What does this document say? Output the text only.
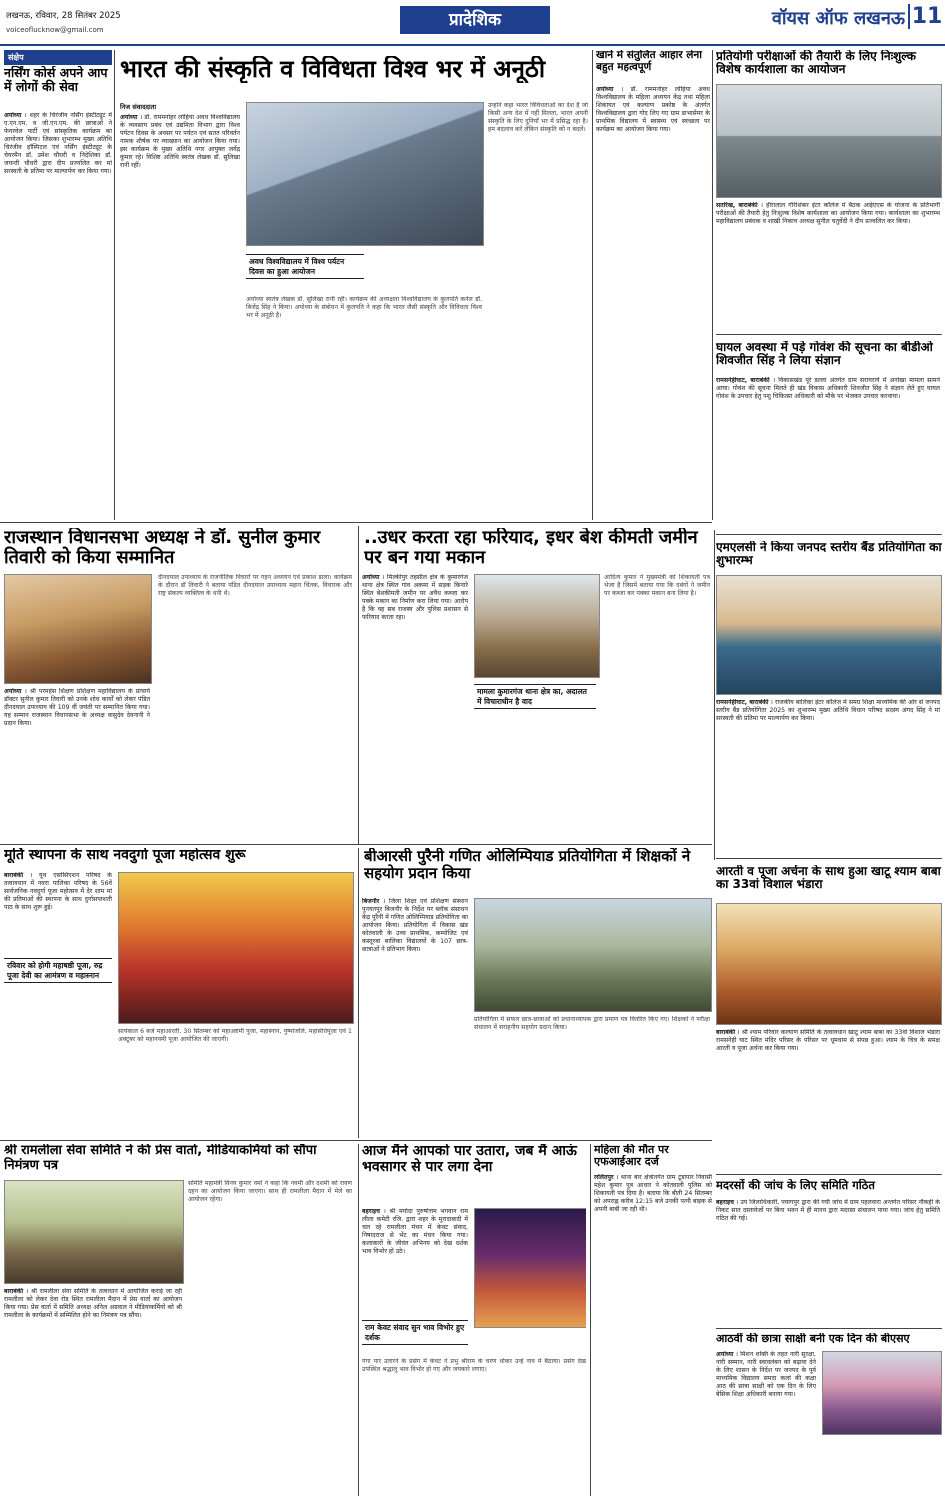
लखनऊ, रविवार, 28 सितंबर 2025
voiceoflucknow@gmail.com	प्रादेशिक	वॉयस ऑफ लखनऊ 11
संक्षेप
नर्सिंग कोर्स अपने आप में लोगों की सेवा
अयोध्या । शहर के चिरंजीव नर्सिंग इंस्टीट्यूट में ए.एन.एम. व जी.एन.एम. की छात्राओं ने फेयरवेल पार्टी एवं सांस्कृतिक कार्यक्रम का आयोजन किया। जिसका शुभारम्भ मुख्य अतिथि चिरंजीव हॉस्पिटल एवं नर्सिंग इंस्टीट्यूट के चेयरमैन डॉ. उमेश चौधरी व निदेशिका डॉ. जयन्ती चौधरी द्वारा दीप प्रज्वलित कर मां सरस्वती के प्रतिमा पर माल्यार्पण कर किया गया।
भारत की संस्कृति व विविधता विश्व भर में अनूठी
निज संवाददाता
अयोध्या । डॉ. राममनोहर लोहिया अवध विश्वविद्यालय के व्यवसाय प्रबंध एवं उद्यमिता विभाग द्वारा विश्व पर्यटन दिवस के अवसर पर पर्यटन एवं सतत परिवर्तन नामक शीर्षक पर व्याख्यान का आयोजन किया गया। इस कार्यक्रम के मुख्य अतिथि नगर आयुक्त जयेंद्र कुमार रहे। विशिष्ट अतिथि स्वतंत्र लेखक डॉ. सुलिखा रानी रहीं।
अवध विश्वविद्यालय में विश्व पर्यटन दिवस का हुआ आयोजन
अयोध्या स्वतंत्र लेखक डॉ. सुलिखा रानी रहीं। कार्यक्रम की अध्यक्षता विश्वविद्यालय के कुलपति कर्नल डॉ. बिजेंद्र सिंह ने किया। अयोध्या के संबोधन में कुलपति ने कहा कि भारत जैसी संस्कृति और विविधता विश्व भर में अनूठी है।
उन्होंने कहा भारत विविधताओं का देश है जो किसी अन्य देश में नहीं मिलता, भारत अपनी संस्कृति के लिए दुनियाँ भर में प्रसिद्ध रहा है। हम बदलाव करें लेकिन संस्कृति को न बदलें।
खाने में संतुलित आहार लेना बहुत महत्वपूर्ण
अयोध्या । डॉ. राममनोहर लोहिया अवध विश्वविद्यालय के महिला अध्ययन केंद्र तथा महिला शिकायत एवं कल्याण प्रकोष्ठ के अंतर्गत विश्वविद्यालय द्वारा गोद लिए गए ग्राम डाभासेमर के प्राथमिक विद्यालय में स्वास्थ्य एवं स्वच्छता पर कार्यक्रम का आयोजन किया गया।
प्रतियोगी परीक्षाओं की तैयारी के लिए निःशुल्क विशेष कार्यशाला का आयोजन
सतरिख, बाराबंकी । हीरालाल गौरीशंकर इंटर कॉलेज में बैठक आईएएस के योजना के प्रतिभागी परीक्षाओं की तैयारी हेतु निःशुल्क विशेष कार्यशाला का आयोजन किया गया। कार्यशाला का शुभारम्भ महाविद्यालय प्रबंधक व शाखी निकाय अध्यक्ष सुनील चतुर्वेदी ने दीप प्रज्वलित कर किया।
घायल अवस्था में पड़े गोवंश की सूचना का बीडीओ शिवजीत सिंह ने लिया संज्ञान
रामसनेहीघाट, बाराबंकी । विकासखंड पूरे डल्ला अंतर्गत ग्राम सरायरायें में अनोखा मामला सामने आया। गोवंश की सूचना मिलते ही खंड विकास अधिकारी शिवजीत सिंह ने संज्ञान लेते हुए घायल गोवंश के उपचार हेतु पशु चिकित्सा अधिकारी को मौके पर भेजकर उपचार करवाया।
राजस्थान विधानसभा अध्यक्ष ने डॉ. सुनील कुमार तिवारी को किया सम्मानित
अयोध्या । श्री परमहंस शिक्षण प्रशिक्षण महाविद्यालय के प्राचार्य डॉक्टर सुनील कुमार तिवारी को उनके शोध कार्यों को लेकर पंडित दीनदयाल उपाध्याय की 109 वीं जयंती पर सम्मानित किया गया। यह सम्मान राजस्थान विधानसभा के अध्यक्ष वासुदेव देवनानी ने प्रदान किया।
दीनदयाल उपाध्याय के राजनीतिक विचारों पर गहन अध्ययन एवं प्रकाश डाला। कार्यक्रम के दौरान डॉ तिवारी ने बताया पंडित दीनदयाल उपाध्याय महान चिंतक, विचारक और राष्ट्र संकल्प व्यक्तित्व के धनी थे।
..उधर करता रहा फरियाद, इधर बेश कीमती जमीन पर बन गया मकान
अयोध्या । मिल्कीपुर तहसील क्षेत्र के कुमारगंज थाना क्षेत्र स्थित गांव अकमा में सड़क किनारे स्थित बेशकीमती जमीन पर अवैध कब्जा कर पक्के मकान का निर्माण करा लिया गया। आरोप है कि वह सब राजस्व और पुलिस प्रशासन से फरियाद करता रहा।
मामला कुमारगंज थाना क्षेत्र का, अदालत में विचाराधीन है वाद
आदित्य कुमार ने मुख्यमंत्री को शिकायती पत्र भेजा है जिसमें बताया गया कि दबंगों ने जमीन पर कब्जा कर पक्का मकान बना लिया है।
एमएलसी ने किया जनपद स्तरीय बैंड प्रतियोगिता का शुभारम्भ
रामसनेहीघाट, बाराबंकी । राजकीय बालिका इंटर कॉलेज में समग्र शिक्षा माध्यमिक की ओर से जनपद स्तरीय बैंड प्रतियोगिता 2025 का शुभारम्भ मुख्य अतिथि विधान परिषद सदस्य अंगद सिंह ने मां सरस्वती की प्रतिमा पर माल्यार्पण कर किया।
मूर्ति स्थापना के साथ नवदुर्गा पूजा महोत्सव शुरू
बाराबंकी । यूथ एसोसिएशन परिषद के तत्वावधान में नवरा पालिका परिषद के 56वें सार्वजनिक नवदुर्गा पूजा महोत्सव में देर शाम मां की प्रतिमाओं की स्थापना के साथ दुर्गासप्तशती पाठ के साथ शुरू हुई।
रविवार को होगी महाषष्ठी पूजा, रुद्र पूजा देवी का आमंत्रण व महास्नान
सायंकाल 6 बजे महाआरती, 30 सितम्बर को महाअष्टमी पूजा, महास्नान, पुष्पांजलि, महासंधिपूजा एवं 1 अक्टूबर को महानवमी पूजा आयोजित की जाएगी।
बीआरसी पुरैनी गणित ओलिम्पियाड प्रतियोगिता में शिक्षकों ने सहयोग प्रदान किया
बिजनौर । जिला शिक्षा एवं प्रशिक्षण संस्थान पुनयतपुर बिजनौर के निर्देश पर ब्लॉक संसाधन केंद्र पुरैनी में गणित ओलिम्पियाड प्रतियोगिता का आयोजन किया। प्रतियोगिता में विकास खंड कोतवाली के उच्च प्राथमिक, कम्पोजिट एवं कस्तूरबा बालिका विद्यालयों के 107 छात्र-छात्राओं ने प्रतिभाग किया।
प्रतियोगिता में सफल छात्र-छात्राओं को प्रधानाध्यापक द्वारा प्रमाण पत्र वितरित किए गए। शिक्षकों ने परीक्षा संचालन में सराहनीय सहयोग प्रदान किया।
आरती व पूजा अर्चना के साथ हुआ खाटू श्याम बाबा का 33वां विशाल भंडारा
बाराबंकी । श्री श्याम परिवार कल्याण समिति के तत्वावधान खाटू श्याम बाबा का 33वां विशाल भंडारा रामसनेही घाट स्थित मंदिर परिसर के परिसर पर धूमधाम से संपन्न हुआ। श्याम के चित्र के समक्ष आरती व पूजा अर्चना कर किया गया।
श्री रामलीला सेवा समिति ने की प्रेस वार्ता, मीडियाकर्मियों को सौंपा निमंत्रण पत्र
बाराबंकी । श्री रामलीला सेवा समिति के तत्वाधान में आयोजित कराई जा रही रामलीला को लेकर देवा रोड स्थित रामलीला मैदान में प्रेस वार्ता का आयोजन किया गया। प्रेस वार्ता में समिति अध्यक्ष अनिल अग्रवाल ने मीडियाकर्मियों को श्री रामलीला के कार्यक्रमों में सम्मिलित होने का निमंत्रण पत्र सौंपा।
समिति महामंत्री विनय कुमार वर्मा ने कहा कि नवमी और दशमी को रावण दहन का आयोजन किया जाएगा। साथ ही रामलीला मैदान में मेले का आयोजन रहेगा।
आज मैंने आपको पार उतारा, जब मैं आऊं भवसागर से पार लगा देना
बहराइच । श्री मर्यादा पुरुषोत्तम भगवान राम लीला कमेटी रजि. द्वारा शहर के मुरादाबादी में चल रहे रामलीला मंचन में केवट संवाद, निषादराज से भेंट का मंचन किया गया। कलाकारों के जीवंत अभिनय को देख दर्शक भाव विभोर हो उठे।
राम केवट संवाद सुन भाव विभोर हुए दर्शक
गंगा पार उतारने के प्रसंग में केवट ने प्रभु श्रीराम के चरण धोकर उन्हें नाव में बैठाया। प्रसंग देख उपस्थित श्रद्धालु भाव विभोर हो गए और जयकारे लगाए।
महिला की मौत पर एफआईआर दर्ज
ललितपुर । थाना बार क्षेत्रांतर्गत ग्राम टूडापार निवासी महेश कुमार पुत्र आधार ने कोतवाली पुलिस को शिकायती पत्र दिया है। बताया कि बीती 24 सितम्बर को अपराह्न करीब 12:15 बजे उनकी पत्नी बाइक से अपनी बाबी जा रही थी।
मदरसों की जांच के लिए समिति गठित
बहराइच । उप जिलाधिकारी, पयागपुर द्वारा की गयी जांच में ग्राम पहलवारा अन्तर्गत परिसर नौकही के निकट सात दस्तावेजों पर बिना भवन में ही मानव द्वारा मदरसा संचालन पाया गया। जांच हेतु समिति गठित की गई।
आठवीं की छात्रा साक्षी बनी एक दिन की बीएसए
अयोध्या । मिशन शक्ति के तहत नारी सुरक्षा, नारी सम्मान, नारी स्वावलंबन को बढ़ावा देने के लिए शासन के निर्देश पर जनपद के पूर्व माध्यमिक विद्यालय समदा कलां की कक्षा आठ की छात्रा साक्षी को एक दिन के लिए बेसिक शिक्षा अधिकारी बनाया गया।
